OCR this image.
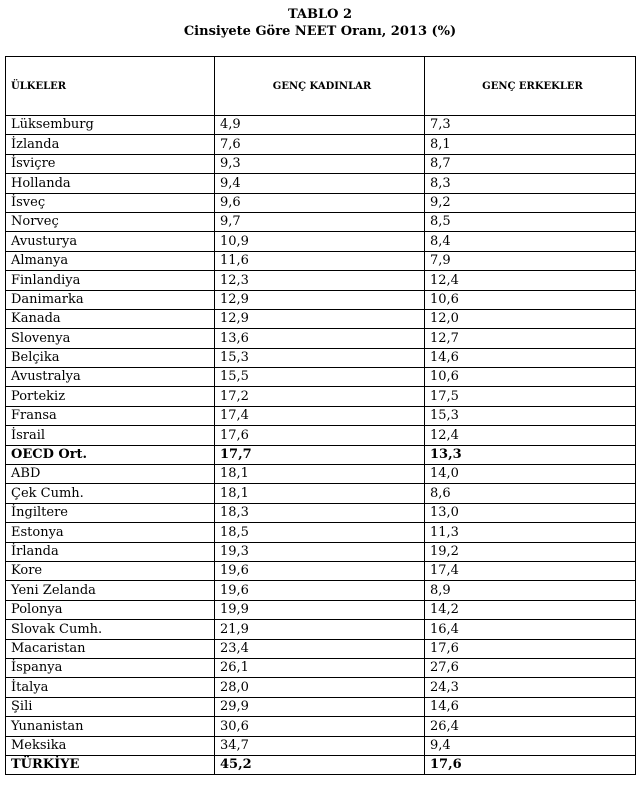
TABLO 2
Cinsiyete Göre NEET Oranı, 2013 (%)
ÜLKELER	GENÇ KADINLAR	GENÇ ERKEKLER
Lüksemburg	4,9	7,3
İzlanda	7,6	8,1
İsviçre	9,3	8,7
Hollanda	9,4	8,3
İsveç	9,6	9,2
Norveç	9,7	8,5
Avusturya	10,9	8,4
Almanya	11,6	7,9
Finlandiya	12,3	12,4
Danimarka	12,9	10,6
Kanada	12,9	12,0
Slovenya	13,6	12,7
Belçika	15,3	14,6
Avustralya	15,5	10,6
Portekiz	17,2	17,5
Fransa	17,4	15,3
İsrail	17,6	12,4
OECD Ort.	17,7	13,3
ABD	18,1	14,0
Çek Cumh.	18,1	8,6
İngiltere	18,3	13,0
Estonya	18,5	11,3
İrlanda	19,3	19,2
Kore	19,6	17,4
Yeni Zelanda	19,6	8,9
Polonya	19,9	14,2
Slovak Cumh.	21,9	16,4
Macaristan	23,4	17,6
İspanya	26,1	27,6
İtalya	28,0	24,3
Şili	29,9	14,6
Yunanistan	30,6	26,4
Meksika	34,7	9,4
TÜRKİYE	45,2	17,6
